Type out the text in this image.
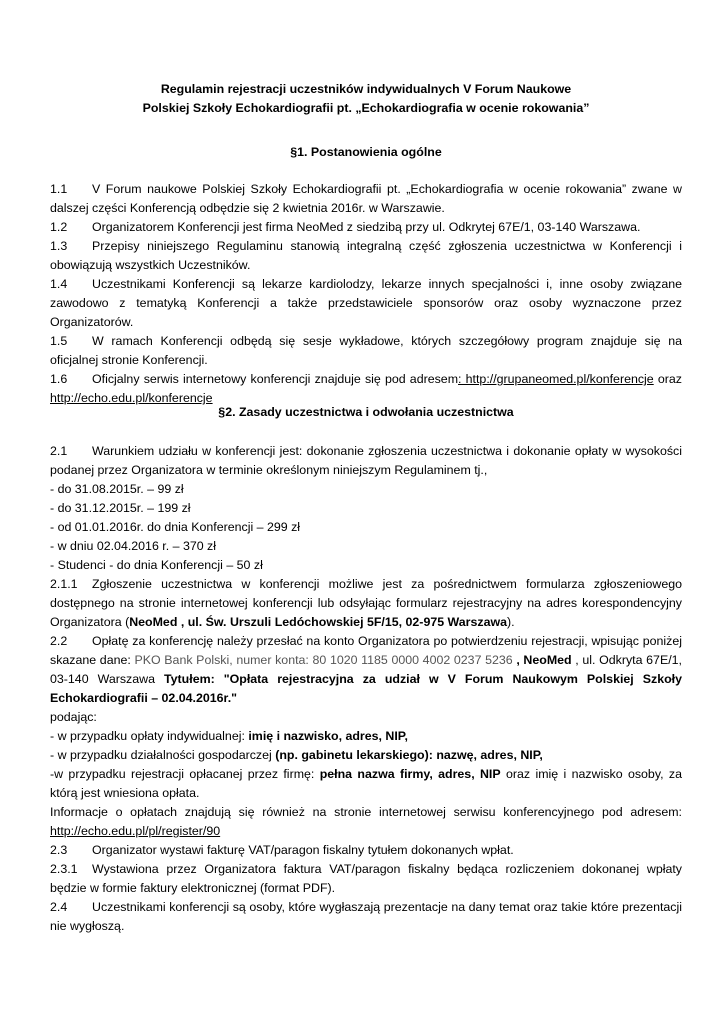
Regulamin rejestracji uczestników indywidualnych V Forum Naukowe

Polskiej Szkoły Echokardiografii pt. „Echokardiografia w ocenie rokowania”

§1. Postanowienia ogólne

1.1 V Forum naukowe Polskiej Szkoły Echokardiografii pt. „Echokardiografia w ocenie rokowania” zwane w dalszej części Konferencją odbędzie się 2 kwietnia 2016r. w Warszawie.

1.2 Organizatorem Konferencji jest firma NeoMed z siedzibą przy ul. Odkrytej 67E/1, 03-140 Warszawa.

1.3 Przepisy niniejszego Regulaminu stanowią integralną część zgłoszenia uczestnictwa w Konferencji i obowiązują wszystkich Uczestników.

1.4 Uczestnikami Konferencji są lekarze kardiolodzy, lekarze innych specjalności i, inne osoby związane zawodowo z tematyką Konferencji a także przedstawiciele sponsorów oraz osoby wyznaczone przez Organizatorów.

1.5 W ramach Konferencji odbędą się sesje wykładowe, których szczegółowy program znajduje się na oficjalnej stronie Konferencji.

1.6 Oficjalny serwis internetowy konferencji znajduje się pod adresem: http://grupaneomed.pl/konferencje oraz http://echo.edu.pl/konferencje

§2. Zasady uczestnictwa i odwołania uczestnictwa

2.1 Warunkiem udziału w konferencji jest: dokonanie zgłoszenia uczestnictwa i dokonanie opłaty w wysokości podanej przez Organizatora w terminie określonym niniejszym Regulaminem tj.,

- do 31.08.2015r. – 99 zł

- do 31.12.2015r. – 199 zł

- od 01.01.2016r. do dnia Konferencji – 299 zł

- w dniu 02.04.2016 r. – 370 zł

- Studenci - do dnia Konferencji – 50 zł

2.1.1 Zgłoszenie uczestnictwa w konferencji możliwe jest za pośrednictwem formularza zgłoszeniowego dostępnego na stronie internetowej konferencji lub odsyłając formularz rejestracyjny na adres korespondencyjny Organizatora (NeoMed , ul. Św. Urszuli Ledóchowskiej 5F/15, 02-975 Warszawa).

2.2 Opłatę za konferencję należy przesłać na konto Organizatora po potwierdzeniu rejestracji, wpisując poniżej skazane dane: PKO Bank Polski, numer konta: 80 1020 1185 0000 4002 0237 5236 , NeoMed , ul. Odkryta 67E/1, 03-140 Warszawa Tytułem: "Opłata rejestracyjna za udział w V Forum Naukowym Polskiej Szkoły Echokardiografii – 02.04.2016r."

podając:

- w przypadku opłaty indywidualnej: imię i nazwisko, adres, NIP,

- w przypadku działalności gospodarczej (np. gabinetu lekarskiego): nazwę, adres, NIP,

-w przypadku rejestracji opłacanej przez firmę: pełna nazwa firmy, adres, NIP oraz imię i nazwisko osoby, za którą jest wniesiona opłata.

Informacje o opłatach znajdują się również na stronie internetowej serwisu konferencyjnego pod adresem: http://echo.edu.pl/pl/register/90

2.3 Organizator wystawi fakturę VAT/paragon fiskalny tytułem dokonanych wpłat.

2.3.1 Wystawiona przez Organizatora faktura VAT/paragon fiskalny będąca rozliczeniem dokonanej wpłaty będzie w formie faktury elektronicznej (format PDF).

2.4 Uczestnikami konferencji są osoby, które wygłaszają prezentacje na dany temat oraz takie które prezentacji nie wygłoszą.
